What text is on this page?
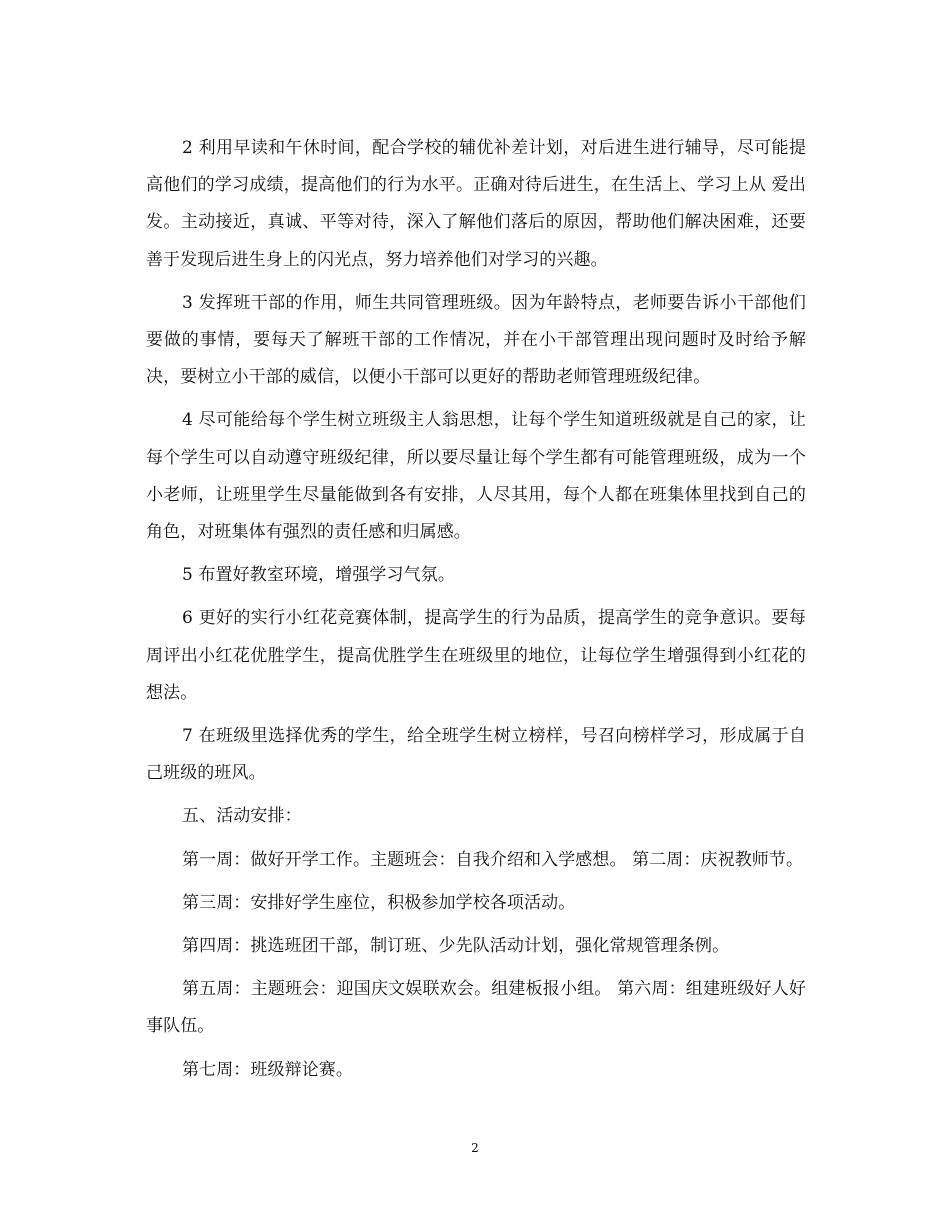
2 利用早读和午休时间，配合学校的辅优补差计划，对后进生进行辅导，尽可能提高他们的学习成绩，提高他们的行为水平。正确对待后进生，在生活上、学习上从 爱出发。主动接近，真诚、平等对待，深入了解他们落后的原因，帮助他们解决困难，还要善于发现后进生身上的闪光点，努力培养他们对学习的兴趣。

3 发挥班干部的作用，师生共同管理班级。因为年龄特点，老师要告诉小干部他们要做的事情，要每天了解班干部的工作情况，并在小干部管理出现问题时及时给予解决，要树立小干部的威信，以便小干部可以更好的帮助老师管理班级纪律。

4 尽可能给每个学生树立班级主人翁思想，让每个学生知道班级就是自己的家，让每个学生可以自动遵守班级纪律，所以要尽量让每个学生都有可能管理班级，成为一个小老师，让班里学生尽量能做到各有安排，人尽其用，每个人都在班集体里找到自己的角色，对班集体有强烈的责任感和归属感。

5 布置好教室环境，增强学习气氛。

6 更好的实行小红花竞赛体制，提高学生的行为品质，提高学生的竞争意识。要每周评出小红花优胜学生，提高优胜学生在班级里的地位，让每位学生增强得到小红花的想法。

7 在班级里选择优秀的学生，给全班学生树立榜样，号召向榜样学习，形成属于自己班级的班风。

五、活动安排：

第一周：做好开学工作。主题班会：自我介绍和入学感想。 第二周：庆祝教师节。

第三周：安排好学生座位，积极参加学校各项活动。

第四周：挑选班团干部，制订班、少先队活动计划，强化常规管理条例。

第五周：主题班会：迎国庆文娱联欢会。组建板报小组。 第六周：组建班级好人好事队伍。

第七周：班级辩论赛。

2
